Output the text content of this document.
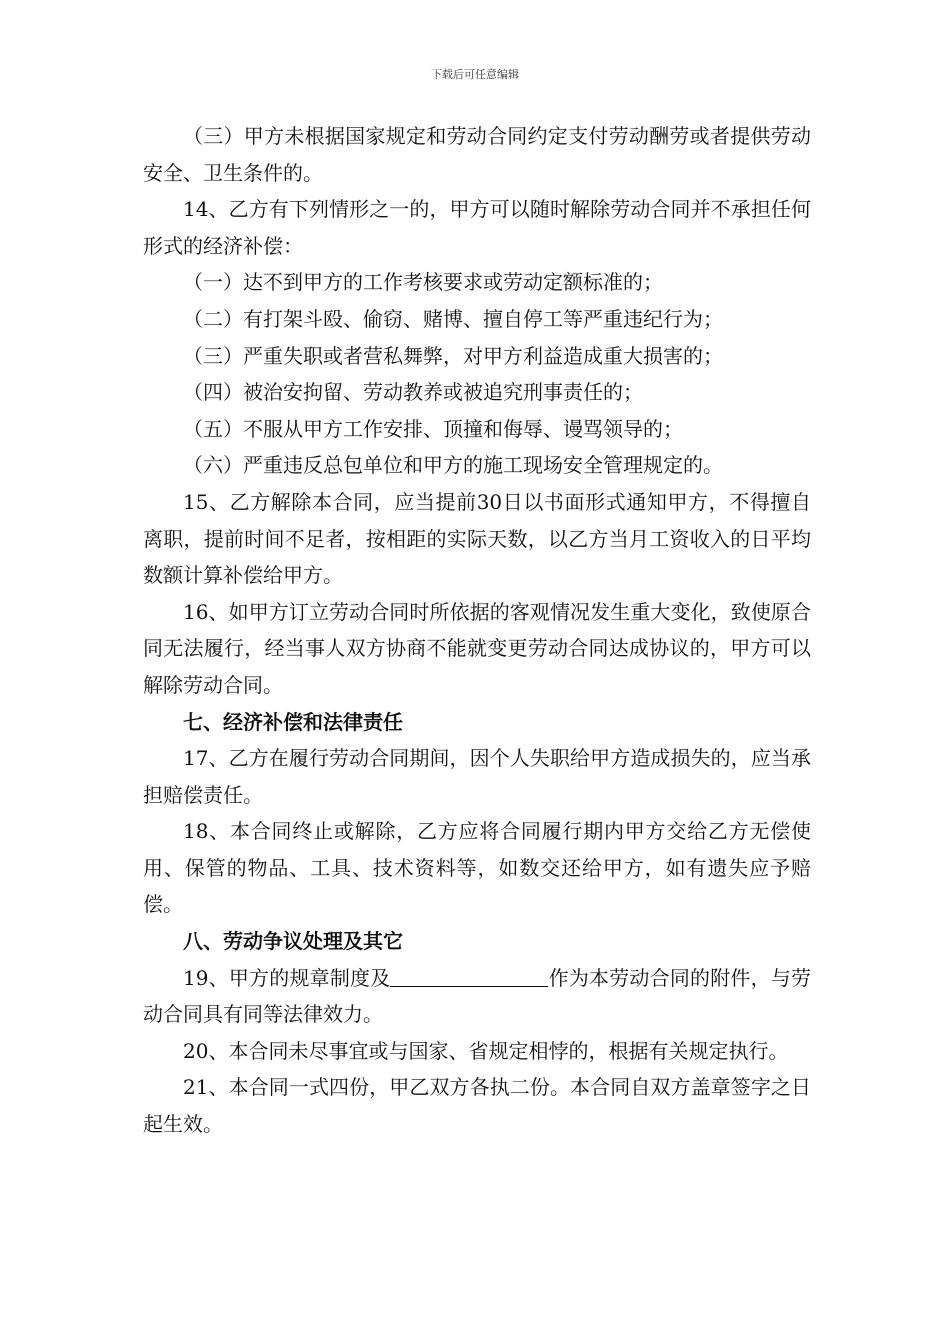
下载后可任意编辑

（三）甲方未根据国家规定和劳动合同约定支付劳动酬劳或者提供劳动安全、卫生条件的。

14、乙方有下列情形之一的，甲方可以随时解除劳动合同并不承担任何形式的经济补偿：

（一）达不到甲方的工作考核要求或劳动定额标准的；

（二）有打架斗殴、偷窃、赌博、擅自停工等严重违纪行为；

（三）严重失职或者营私舞弊，对甲方利益造成重大损害的；

（四）被治安拘留、劳动教养或被追究刑事责任的；

（五）不服从甲方工作安排、顶撞和侮辱、谩骂领导的；

（六）严重违反总包单位和甲方的施工现场安全管理规定的。

15、乙方解除本合同，应当提前30日以书面形式通知甲方，不得擅自离职，提前时间不足者，按相距的实际天数，以乙方当月工资收入的日平均数额计算补偿给甲方。

16、如甲方订立劳动合同时所依据的客观情况发生重大变化，致使原合同无法履行，经当事人双方协商不能就变更劳动合同达成协议的，甲方可以解除劳动合同。

七、经济补偿和法律责任

17、乙方在履行劳动合同期间，因个人失职给甲方造成损失的，应当承担赔偿责任。

18、本合同终止或解除，乙方应将合同履行期内甲方交给乙方无偿使用、保管的物品、工具、技术资料等，如数交还给甲方，如有遗失应予赔偿。

八、劳动争议处理及其它

19、甲方的规章制度及	作为本劳动合同的附件，与劳动合同具有同等法律效力。

20、本合同未尽事宜或与国家、省规定相悖的，根据有关规定执行。

21、本合同一式四份，甲乙双方各执二份。本合同自双方盖章签字之日起生效。
